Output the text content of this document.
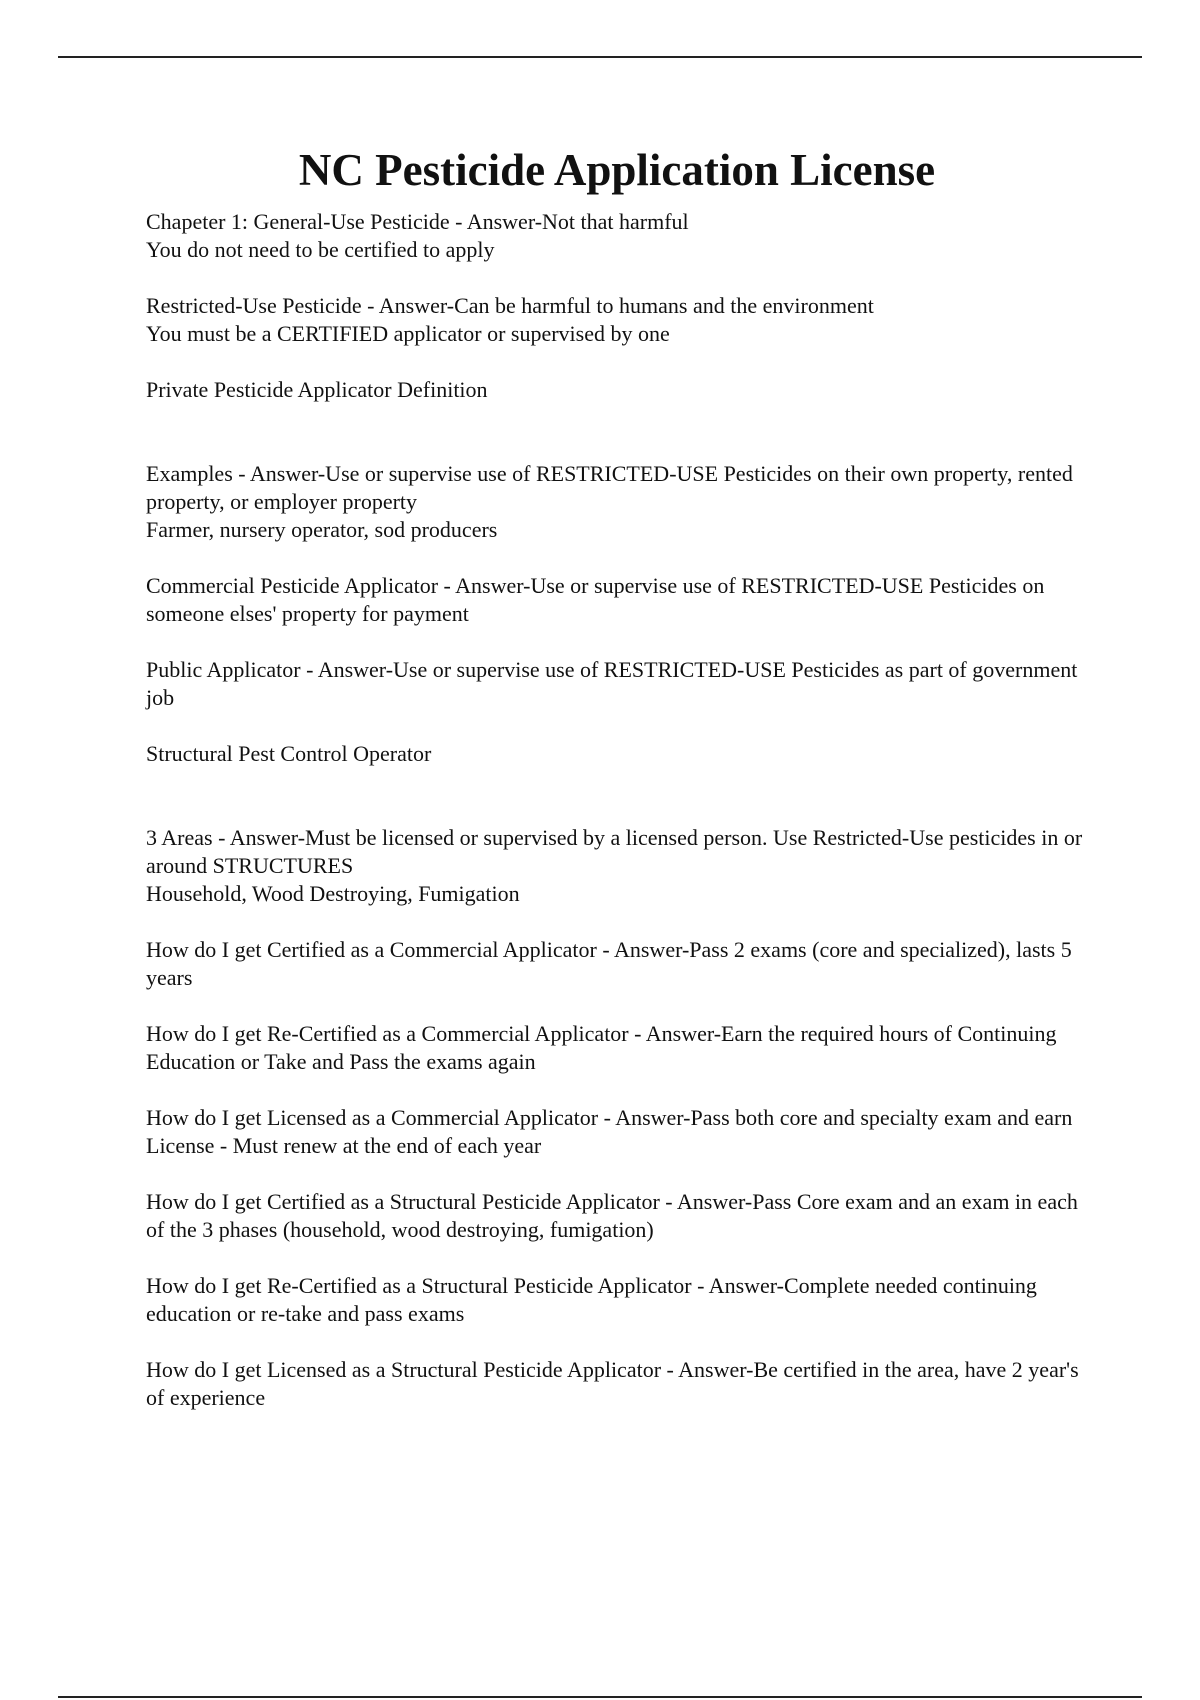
NC Pesticide Application License
Chapeter 1: General-Use Pesticide - Answer-Not that harmful
You do not need to be certified to apply
Restricted-Use Pesticide - Answer-Can be harmful to humans and the environment
You must be a CERTIFIED applicator or supervised by one
Private Pesticide Applicator Definition
Examples - Answer-Use or supervise use of RESTRICTED-USE Pesticides on their own property, rented property, or employer property
Farmer, nursery operator, sod producers
Commercial Pesticide Applicator - Answer-Use or supervise use of RESTRICTED-USE Pesticides on someone elses' property for payment
Public Applicator - Answer-Use or supervise use of RESTRICTED-USE Pesticides as part of government job
Structural Pest Control Operator
3 Areas - Answer-Must be licensed or supervised by a licensed person. Use Restricted-Use pesticides in or around STRUCTURES
Household, Wood Destroying, Fumigation
How do I get Certified as a Commercial Applicator - Answer-Pass 2 exams (core and specialized), lasts 5 years
How do I get Re-Certified as a Commercial Applicator - Answer-Earn the required hours of Continuing Education or Take and Pass the exams again
How do I get Licensed as a Commercial Applicator - Answer-Pass both core and specialty exam and earn License - Must renew at the end of each year
How do I get Certified as a Structural Pesticide Applicator - Answer-Pass Core exam and an exam in each of the 3 phases (household, wood destroying, fumigation)
How do I get Re-Certified as a Structural Pesticide Applicator - Answer-Complete needed continuing education or re-take and pass exams
How do I get Licensed as a Structural Pesticide Applicator - Answer-Be certified in the area, have 2 year's of experience
